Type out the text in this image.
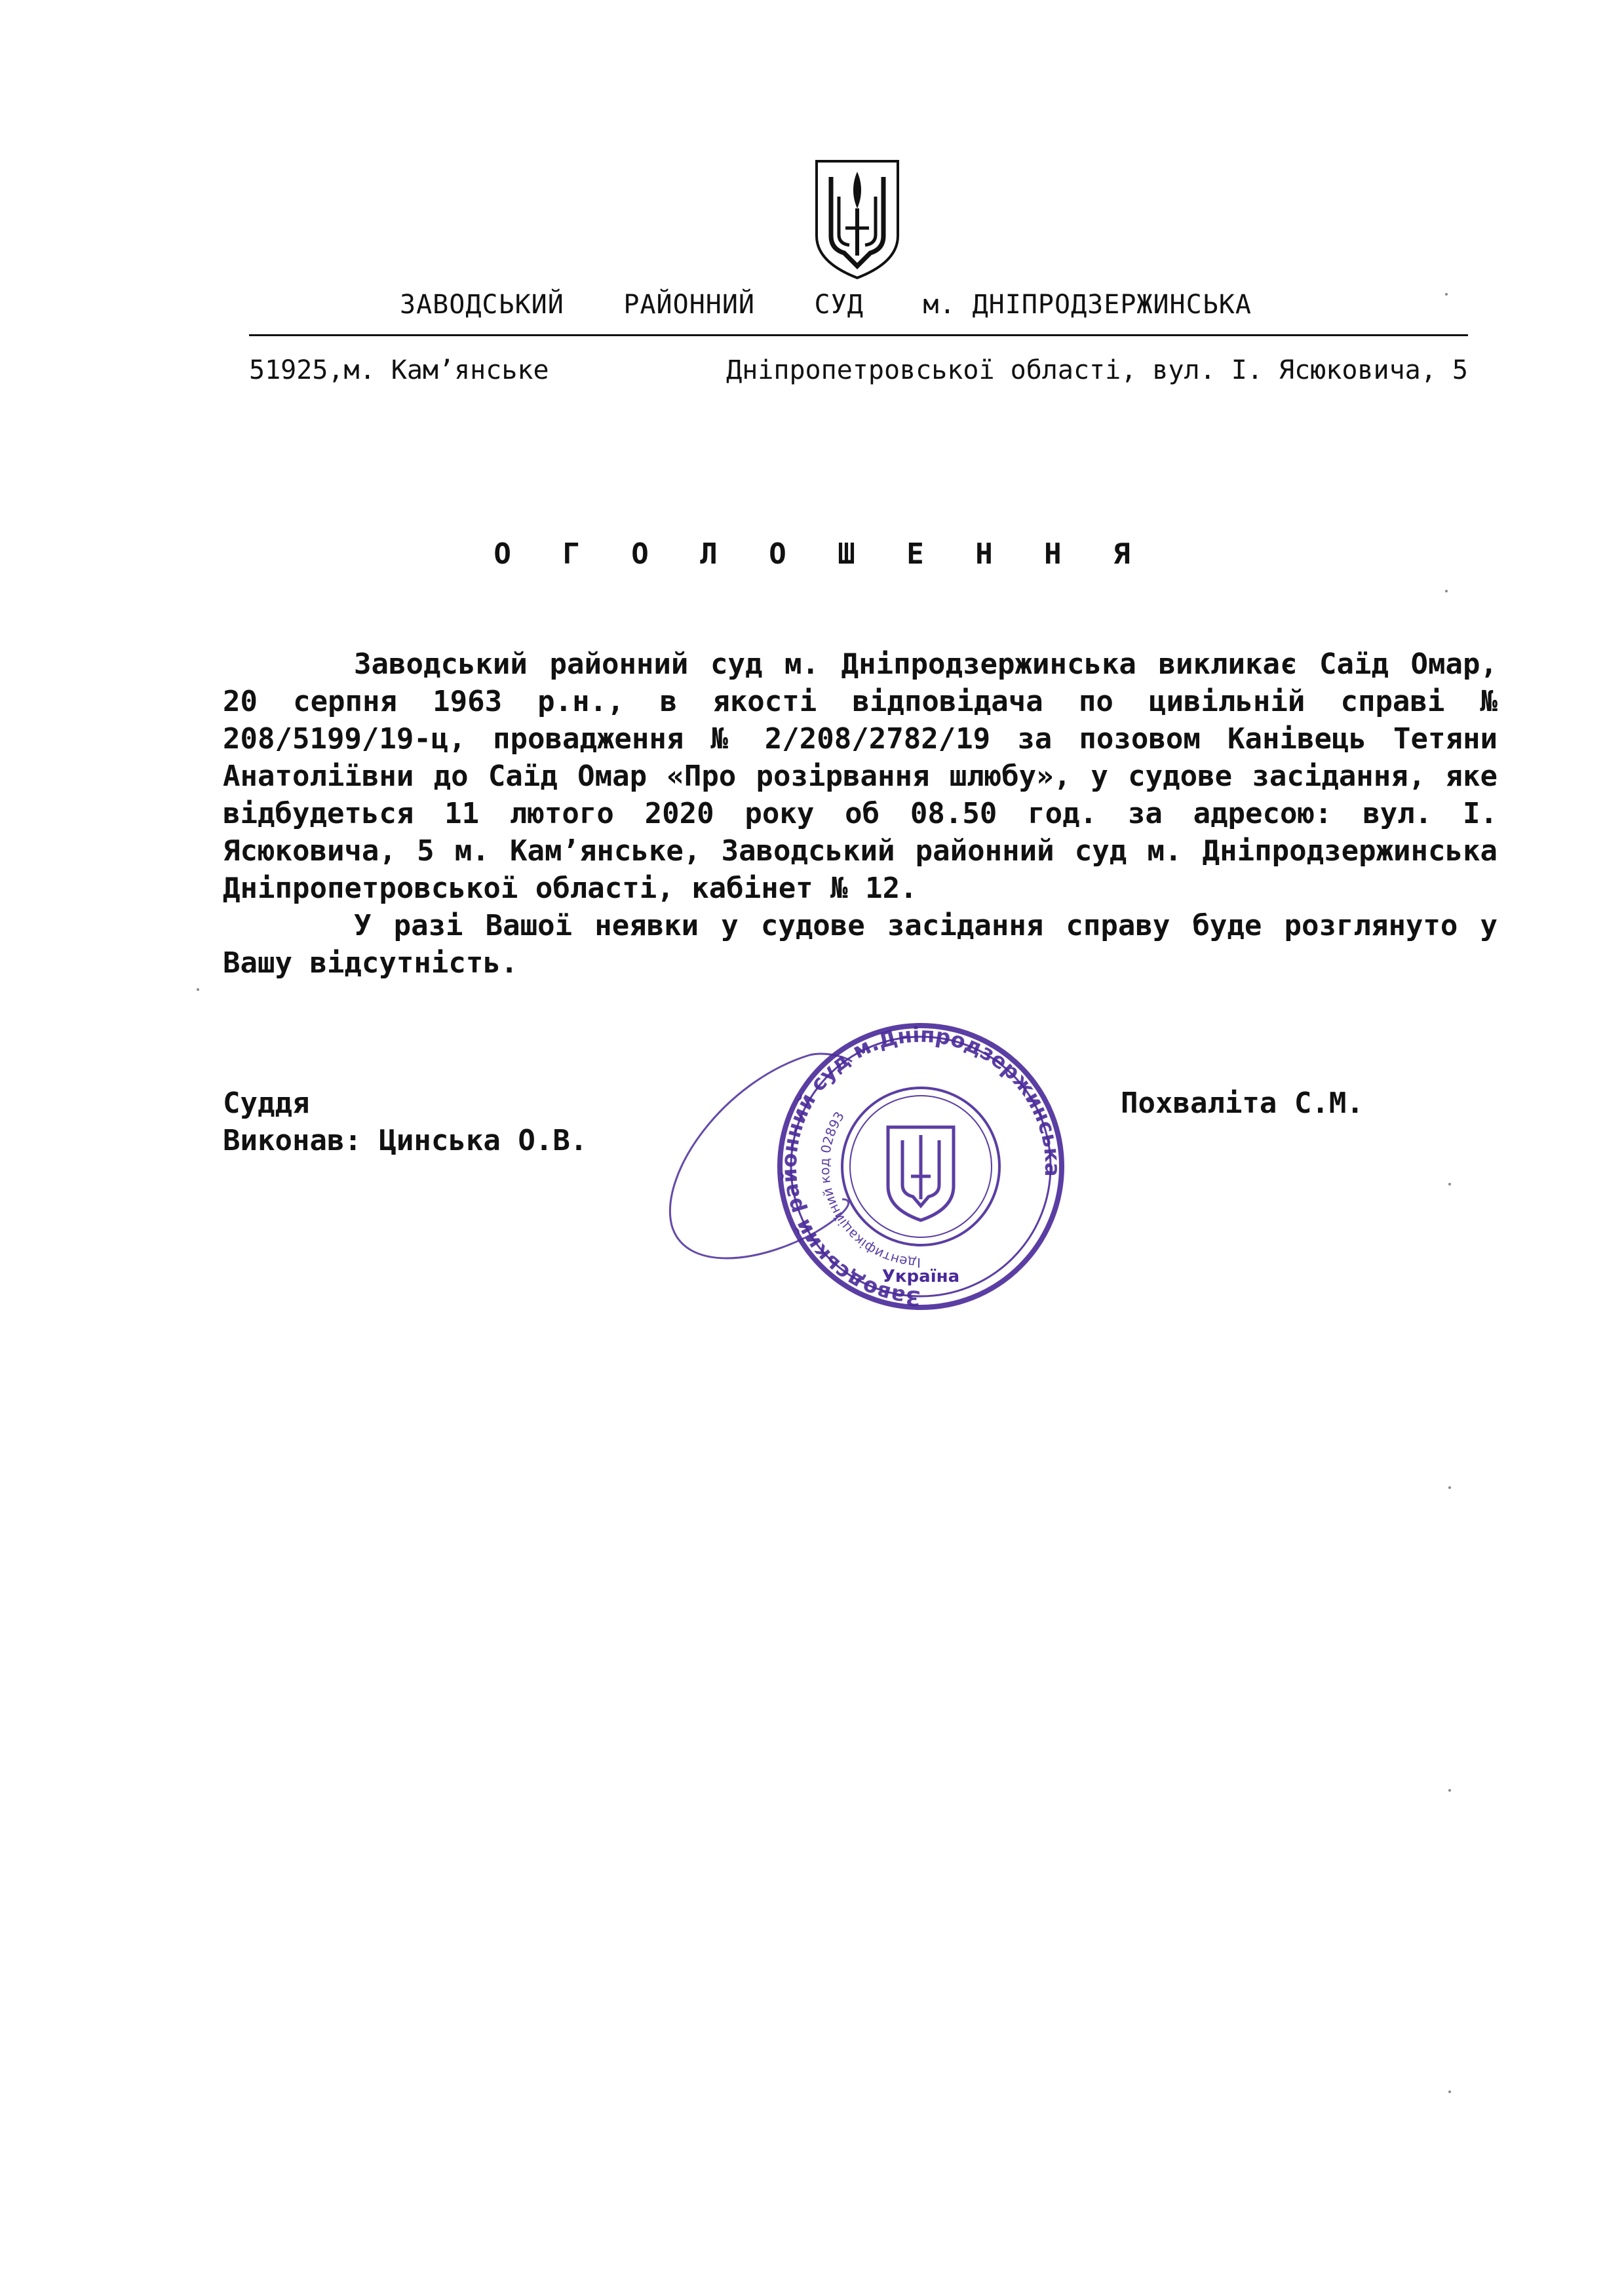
ЗАВОДСЬКИЙ РАЙОННИЙ СУД м. ДНІПРОДЗЕРЖИНСЬКА
51925,м. Кам’янське	Дніпропетровської області, вул. І. Ясюковича, 5
О Г О Л О Ш Е Н Н Я

Заводський районний суд м. Дніпродзержинська викликає Саїд Омар, 20 серпня 1963 р.н., в якості відповідача по цивільній справі № 208/5199/19-ц, провадження № 2/208/2782/19 за позовом Канівець Тетяни Анатоліївни до Саїд Омар «Про розірвання шлюбу», у судове засідання, яке відбудеться 11 лютого 2020 року об 08.50 год. за адресою: вул. І. Ясюковича, 5 м. Кам’янське, Заводський районний суд м. Дніпродзержинська Дніпропетровської області, кабінет № 12.

У разі Вашої неявки у судове засідання справу буде розглянуто у Вашу відсутність.

Суддя
Виконав: Цинська О.В.
Похваліта С.М.
Заводський районний суд м.Дніпродзержинська
Ідентифікаційний код 02893
Україна
